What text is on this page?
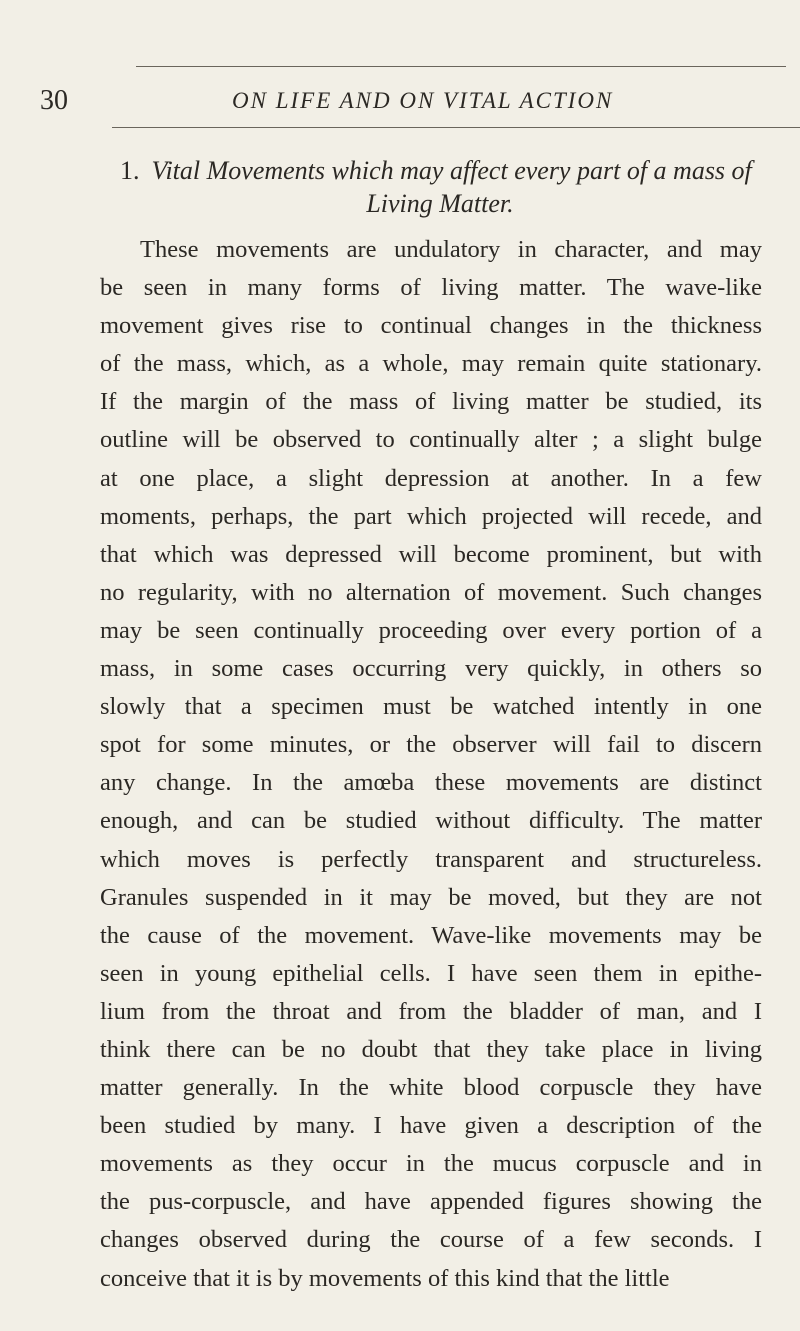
30	ON LIFE AND ON VITAL ACTION
1. Vital Movements which may affect every part of a mass of
Living Matter.
These movements are undulatory in character, and may
be seen in many forms of living matter. The wave-like
movement gives rise to continual changes in the thickness
of the mass, which, as a whole, may remain quite stationary.
If the margin of the mass of living matter be studied, its
outline will be observed to continually alter ; a slight bulge
at one place, a slight depression at another. In a few
moments, perhaps, the part which projected will recede, and
that which was depressed will become prominent, but with
no regularity, with no alternation of movement. Such changes
may be seen continually proceeding over every portion of a
mass, in some cases occurring very quickly, in others so
slowly that a specimen must be watched intently in one
spot for some minutes, or the observer will fail to discern
any change. In the amœba these movements are distinct
enough, and can be studied without difficulty. The matter
which moves is perfectly transparent and structureless.
Granules suspended in it may be moved, but they are not
the cause of the movement. Wave-like movements may be
seen in young epithelial cells. I have seen them in epithe-
lium from the throat and from the bladder of man, and I
think there can be no doubt that they take place in living
matter generally. In the white blood corpuscle they have
been studied by many. I have given a description of the
movements as they occur in the mucus corpuscle and in
the pus-corpuscle, and have appended figures showing the
changes observed during the course of a few seconds. I
conceive that it is by movements of this kind that the little
